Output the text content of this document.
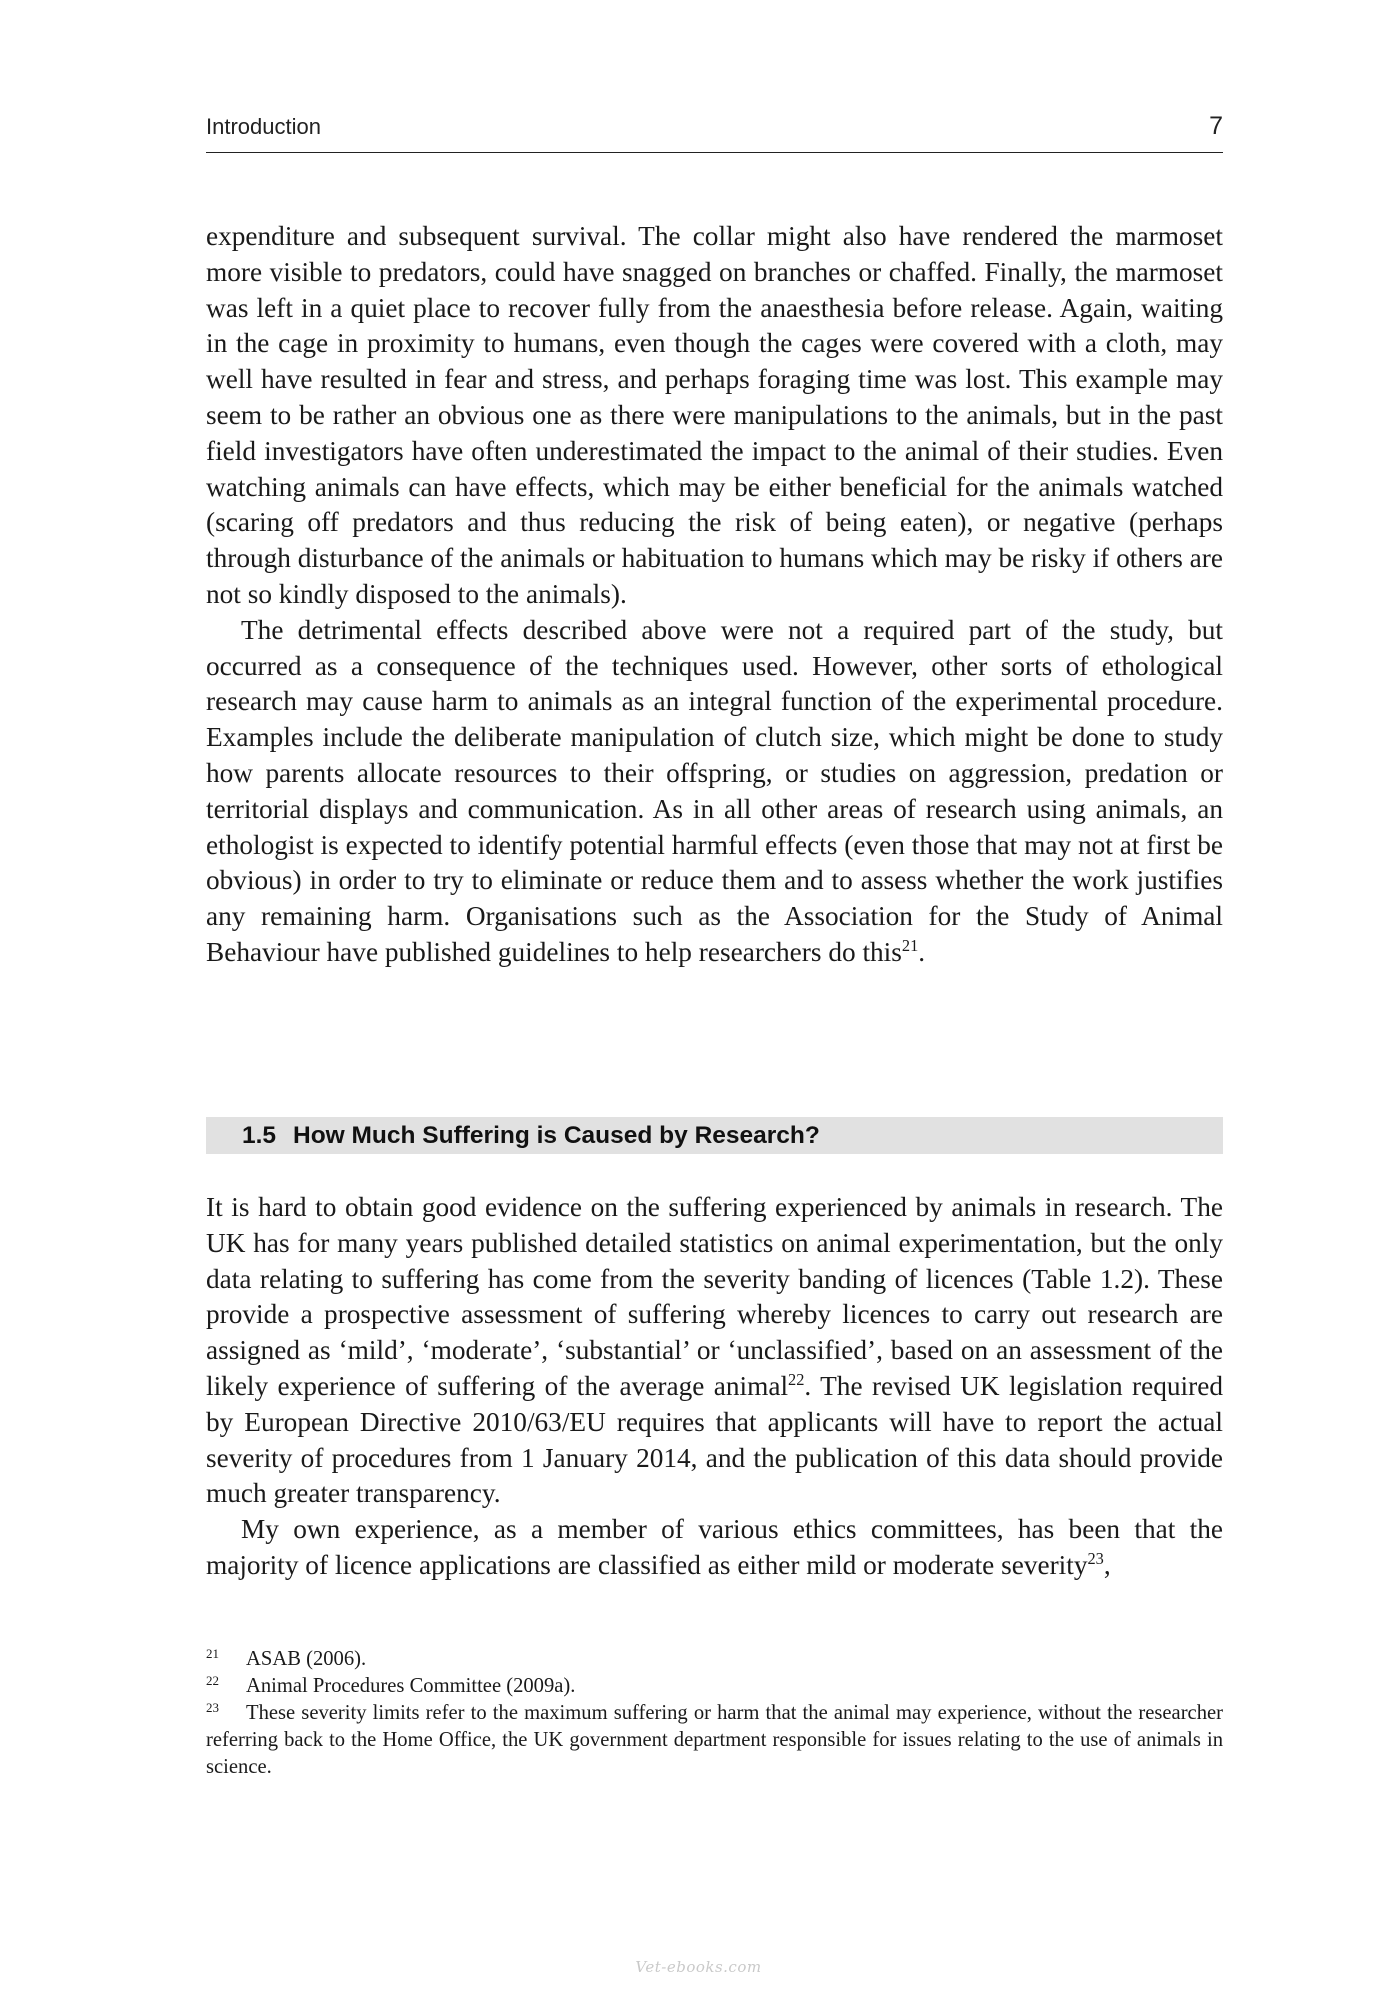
Introduction	7

expenditure and subsequent survival. The collar might also have rendered the marmoset more visible to predators, could have snagged on branches or chaffed. Finally, the marmoset was left in a quiet place to recover fully from the anaesthesia before release. Again, waiting in the cage in proximity to humans, even though the cages were covered with a cloth, may well have resulted in fear and stress, and perhaps foraging time was lost. This example may seem to be rather an obvious one as there were manipulations to the animals, but in the past field investigators have often underestimated the impact to the animal of their studies. Even watching animals can have effects, which may be either beneficial for the animals watched (scaring off predators and thus reducing the risk of being eaten), or negative (perhaps through disturbance of the animals or habituation to humans which may be risky if others are not so kindly disposed to the animals).

The detrimental effects described above were not a required part of the study, but occurred as a consequence of the techniques used. However, other sorts of ethological research may cause harm to animals as an integral function of the experimental procedure. Examples include the deliberate manipulation of clutch size, which might be done to study how parents allocate resources to their offspring, or studies on aggression, predation or territorial displays and communication. As in all other areas of research using animals, an ethologist is expected to identify potential harmful effects (even those that may not at first be obvious) in order to try to eliminate or reduce them and to assess whether the work justifies any remaining harm. Organisations such as the Association for the Study of Animal Behaviour have published guidelines to help researchers do this$^{21}$.

1.5 How Much Suffering is Caused by Research?

It is hard to obtain good evidence on the suffering experienced by animals in research. The UK has for many years published detailed statistics on animal experimentation, but the only data relating to suffering has come from the severity banding of licences (Table 1.2). These provide a prospective assessment of suffering whereby licences to carry out research are assigned as ‘mild’, ‘moderate’, ‘substantial’ or ‘unclassified’, based on an assessment of the likely experience of suffering of the average animal$^{22}$. The revised UK legislation required by European Directive 2010/63/EU requires that applicants will have to report the actual severity of procedures from 1 January 2014, and the publication of this data should provide much greater transparency.

My own experience, as a member of various ethics committees, has been that the majority of licence applications are classified as either mild or moderate severity$^{23}$,

21	ASAB (2006).
22	Animal Procedures Committee (2009a).
23	These severity limits refer to the maximum suffering or harm that the animal may experience, without the researcher referring back to the Home Office, the UK government department responsible for issues relating to the use of animals in science.
Vet-ebooks.com
